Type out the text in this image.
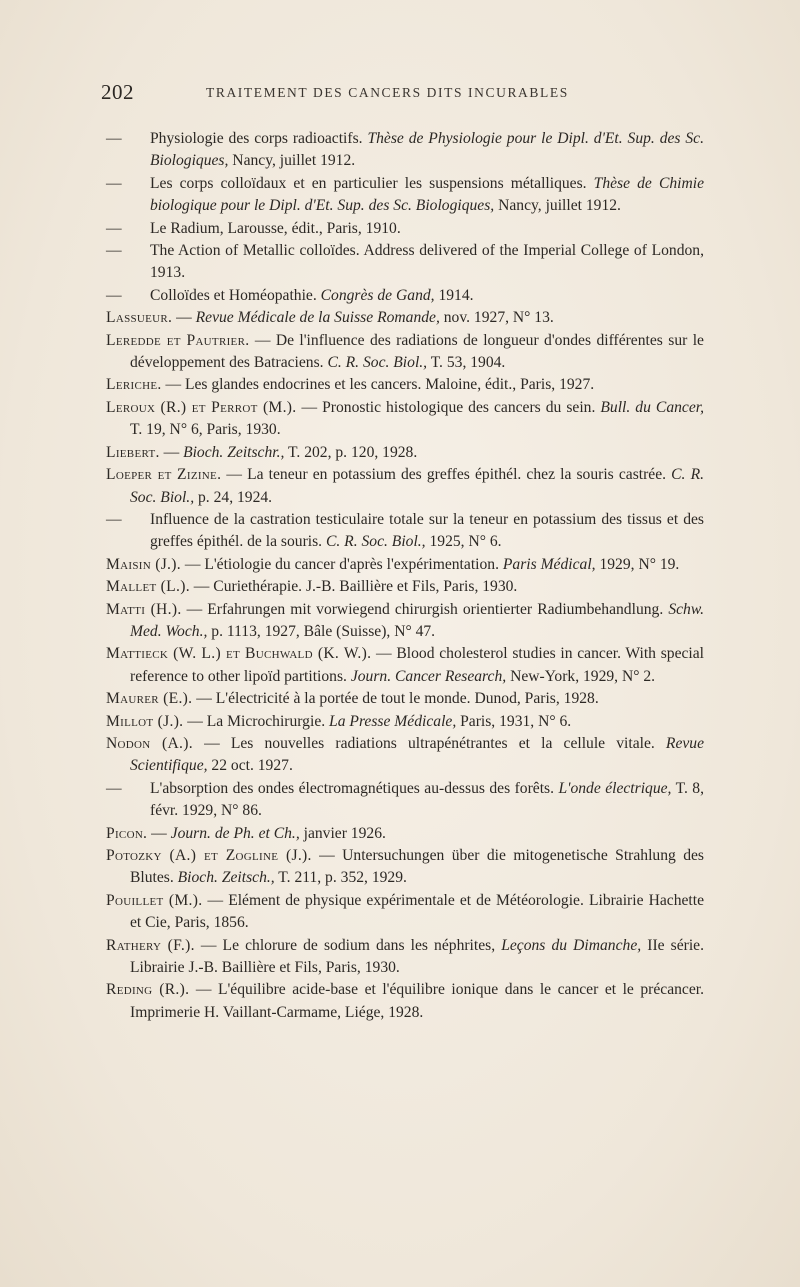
202	TRAITEMENT DES CANCERS DITS INCURABLES
— Physiologie des corps radioactifs. Thèse de Physiologie pour le Dipl. d'Et. Sup. des Sc. Biologiques, Nancy, juillet 1912.
— Les corps colloïdaux et en particulier les suspensions métalliques. Thèse de Chimie biologique pour le Dipl. d'Et. Sup. des Sc. Biologiques, Nancy, juillet 1912.
— Le Radium, Larousse, édit., Paris, 1910.
— The Action of Metallic colloïdes. Address delivered of the Imperial College of London, 1913.
— Colloïdes et Homéopathie. Congrès de Gand, 1914.
Lassueur. — Revue Médicale de la Suisse Romande, nov. 1927, N° 13.
Leredde et Pautrier. — De l'influence des radiations de longueur d'ondes différentes sur le développement des Batraciens. C. R. Soc. Biol., T. 53, 1904.
Leriche. — Les glandes endocrines et les cancers. Maloine, édit., Paris, 1927.
Leroux (R.) et Perrot (M.). — Pronostic histologique des cancers du sein. Bull. du Cancer, T. 19, N° 6, Paris, 1930.
Liebert. — Bioch. Zeitschr., T. 202, p. 120, 1928.
Loeper et Zizine. — La teneur en potassium des greffes épithél. chez la souris castrée. C. R. Soc. Biol., p. 24, 1924.
— Influence de la castration testiculaire totale sur la teneur en potassium des tissus et des greffes épithél. de la souris. C. R. Soc. Biol., 1925, N° 6.
Maisin (J.). — L'étiologie du cancer d'après l'expérimentation. Paris Médical, 1929, N° 19.
Mallet (L.). — Curiethérapie. J.-B. Baillière et Fils, Paris, 1930.
Matti (H.). — Erfahrungen mit vorwiegend chirurgish orientierter Radiumbehandlung. Schw. Med. Woch., p. 1113, 1927, Bâle (Suisse), N° 47.
Mattieck (W. L.) et Buchwald (K. W.). — Blood cholesterol studies in cancer. With special reference to other lipoïd partitions. Journ. Cancer Research, New-York, 1929, N° 2.
Maurer (E.). — L'électricité à la portée de tout le monde. Dunod, Paris, 1928.
Millot (J.). — La Microchirurgie. La Presse Médicale, Paris, 1931, N° 6.
Nodon (A.). — Les nouvelles radiations ultrapénétrantes et la cellule vitale. Revue Scientifique, 22 oct. 1927.
— L'absorption des ondes électromagnétiques au-dessus des forêts. L'onde électrique, T. 8, févr. 1929, N° 86.
Picon. — Journ. de Ph. et Ch., janvier 1926.
Potozky (A.) et Zogline (J.). — Untersuchungen über die mitogenetische Strahlung des Blutes. Bioch. Zeitsch., T. 211, p. 352, 1929.
Pouillet (M.). — Elément de physique expérimentale et de Météorologie. Librairie Hachette et Cie, Paris, 1856.
Rathery (F.). — Le chlorure de sodium dans les néphrites, Leçons du Dimanche, IIe série. Librairie J.-B. Baillière et Fils, Paris, 1930.
Reding (R.). — L'équilibre acide-base et l'équilibre ionique dans le cancer et le précancer. Imprimerie H. Vaillant-Carmame, Liége, 1928.
